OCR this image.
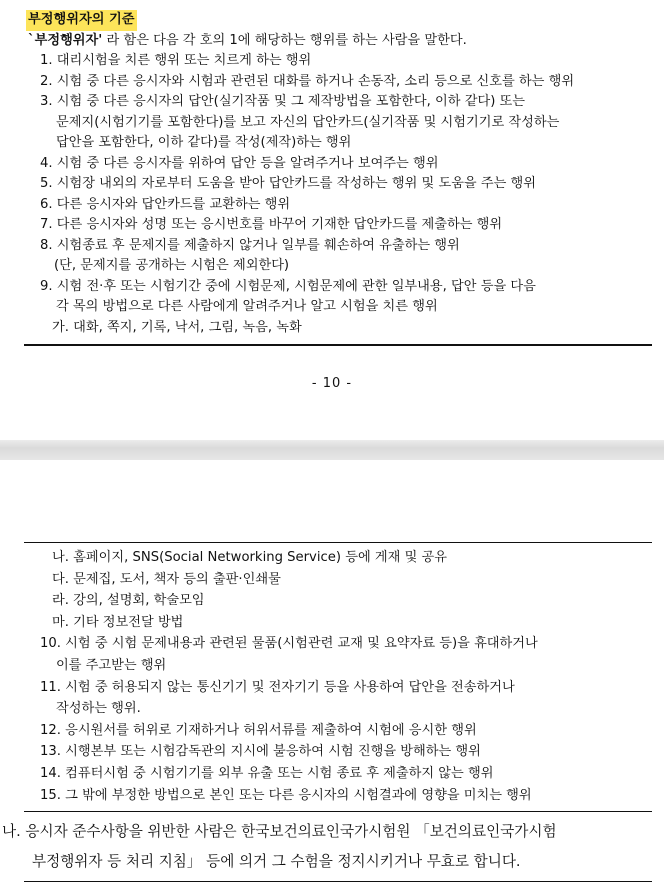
부정행위자의 기준
`부정행위자' 라 함은 다음 각 호의 1에 해당하는 행위를 하는 사람을 말한다.
1. 대리시험을 치른 행위 또는 치르게 하는 행위
2. 시험 중 다른 응시자와 시험과 관련된 대화를 하거나 손동작, 소리 등으로 신호를 하는 행위
3. 시험 중 다른 응시자의 답안(실기작품 및 그 제작방법을 포함한다, 이하 같다) 또는
문제지(시험기기를 포함한다)를 보고 자신의 답안카드(실기작품 및 시험기기로 작성하는
답안을 포함한다, 이하 같다)를 작성(제작)하는 행위
4. 시험 중 다른 응시자를 위하여 답안 등을 알려주거나 보여주는 행위
5. 시험장 내외의 자로부터 도움을 받아 답안카드를 작성하는 행위 및 도움을 주는 행위
6. 다른 응시자와 답안카드를 교환하는 행위
7. 다른 응시자와 성명 또는 응시번호를 바꾸어 기재한 답안카드를 제출하는 행위
8. 시험종료 후 문제지를 제출하지 않거나 일부를 훼손하여 유출하는 행위
(단, 문제지를 공개하는 시험은 제외한다)
9. 시험 전·후 또는 시험기간 중에 시험문제, 시험문제에 관한 일부내용, 답안 등을 다음
각 목의 방법으로 다른 사람에게 알려주거나 알고 시험을 치른 행위
가. 대화, 쪽지, 기록, 낙서, 그림, 녹음, 녹화
- 10 -
나. 홈페이지, SNS(Social Networking Service) 등에 게재 및 공유
다. 문제집, 도서, 책자 등의 출판·인쇄물
라. 강의, 설명회, 학술모임
마. 기타 정보전달 방법
10. 시험 중 시험 문제내용과 관련된 물품(시험관련 교재 및 요약자료 등)을 휴대하거나
이를 주고받는 행위
11. 시험 중 허용되지 않는 통신기기 및 전자기기 등을 사용하여 답안을 전송하거나
작성하는 행위.
12. 응시원서를 허위로 기재하거나 허위서류를 제출하여 시험에 응시한 행위
13. 시행본부 또는 시험감독관의 지시에 불응하여 시험 진행을 방해하는 행위
14. 컴퓨터시험 중 시험기기를 외부 유출 또는 시험 종료 후 제출하지 않는 행위
15. 그 밖에 부정한 방법으로 본인 또는 다른 응시자의 시험결과에 영향을 미치는 행위
나. 응시자 준수사항을 위반한 사람은 한국보건의료인국가시험원 「보건의료인국가시험
부정행위자 등 처리 지침」 등에 의거 그 수험을 정지시키거나 무효로 합니다.
